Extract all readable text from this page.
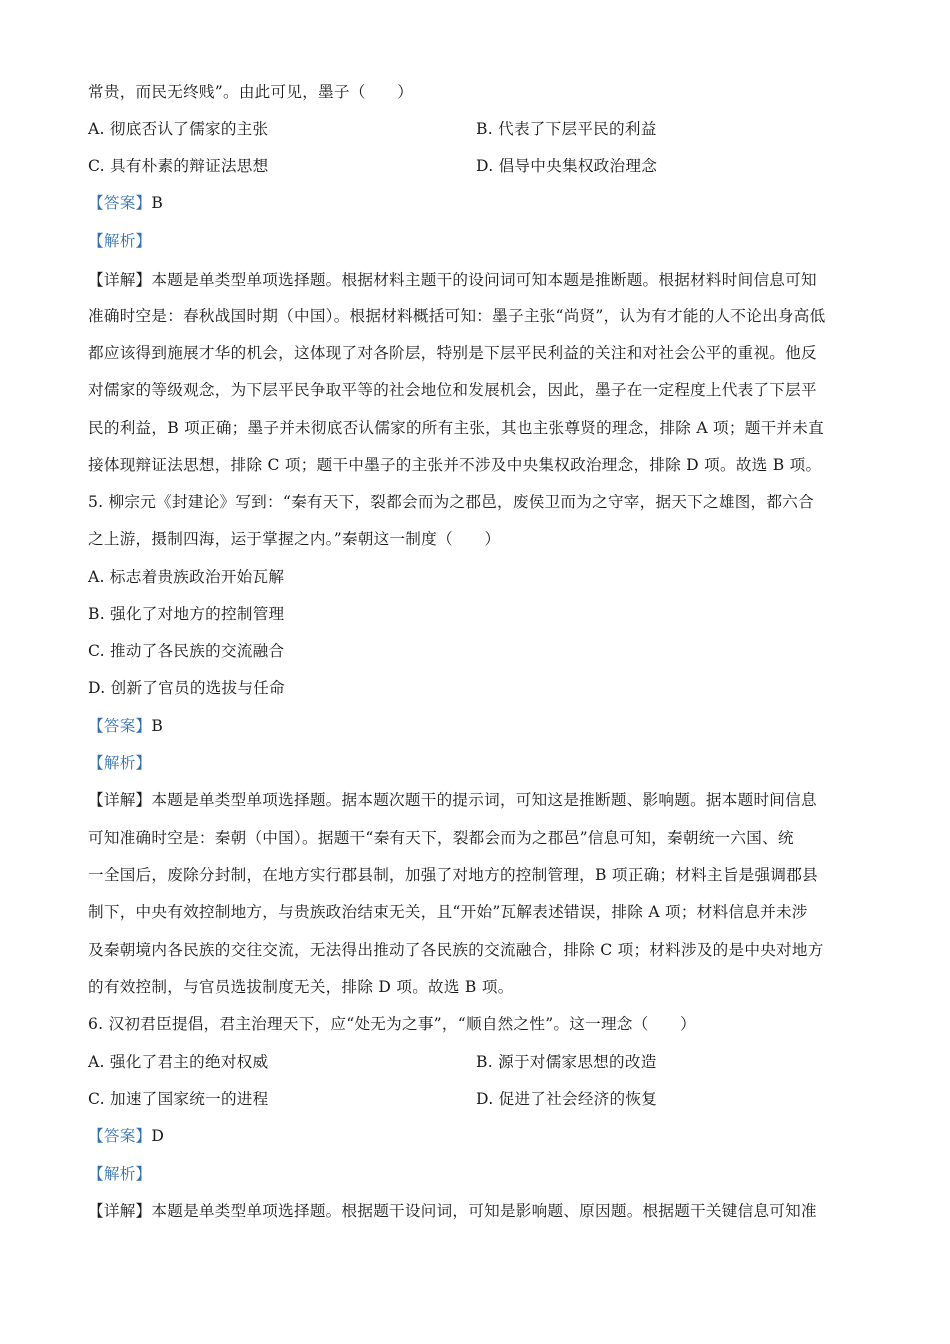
常贵，而民无终贱”。由此可见，墨子（　　）
A. 彻底否认了儒家的主张	B. 代表了下层平民的利益
C. 具有朴素的辩证法思想	D. 倡导中央集权政治理念
【答案】B
【解析】
【详解】本题是单类型单项选择题。根据材料主题干的设问词可知本题是推断题。根据材料时间信息可知
准确时空是：春秋战国时期（中国）。根据材料概括可知：墨子主张“尚贤”，认为有才能的人不论出身高低
都应该得到施展才华的机会，这体现了对各阶层，特别是下层平民利益的关注和对社会公平的重视。他反
对儒家的等级观念，为下层平民争取平等的社会地位和发展机会，因此，墨子在一定程度上代表了下层平
民的利益，B 项正确；墨子并未彻底否认儒家的所有主张，其也主张尊贤的理念，排除 A 项；题干并未直
接体现辩证法思想，排除 C 项；题干中墨子的主张并不涉及中央集权政治理念，排除 D 项。故选 B 项。
5. 柳宗元《封建论》写到：“秦有天下，裂都会而为之郡邑，废侯卫而为之守宰，据天下之雄图，都六合
之上游，摄制四海，运于掌握之内。”秦朝这一制度（　　）
A. 标志着贵族政治开始瓦解
B. 强化了对地方的控制管理
C. 推动了各民族的交流融合
D. 创新了官员的选拔与任命
【答案】B
【解析】
【详解】本题是单类型单项选择题。据本题次题干的提示词，可知这是推断题、影响题。据本题时间信息
可知准确时空是：秦朝（中国）。据题干“秦有天下，裂都会而为之郡邑”信息可知，秦朝统一六国、统
一全国后，废除分封制，在地方实行郡县制，加强了对地方的控制管理，B 项正确；材料主旨是强调郡县
制下，中央有效控制地方，与贵族政治结束无关，且“开始”瓦解表述错误，排除 A 项；材料信息并未涉
及秦朝境内各民族的交往交流，无法得出推动了各民族的交流融合，排除 C 项；材料涉及的是中央对地方
的有效控制，与官员选拔制度无关，排除 D 项。故选 B 项。
6. 汉初君臣提倡，君主治理天下，应“处无为之事”，“顺自然之性”。这一理念（　　）
A. 强化了君主的绝对权威	B. 源于对儒家思想的改造
C. 加速了国家统一的进程	D. 促进了社会经济的恢复
【答案】D
【解析】
【详解】本题是单类型单项选择题。根据题干设问词，可知是影响题、原因题。根据题干关键信息可知准
